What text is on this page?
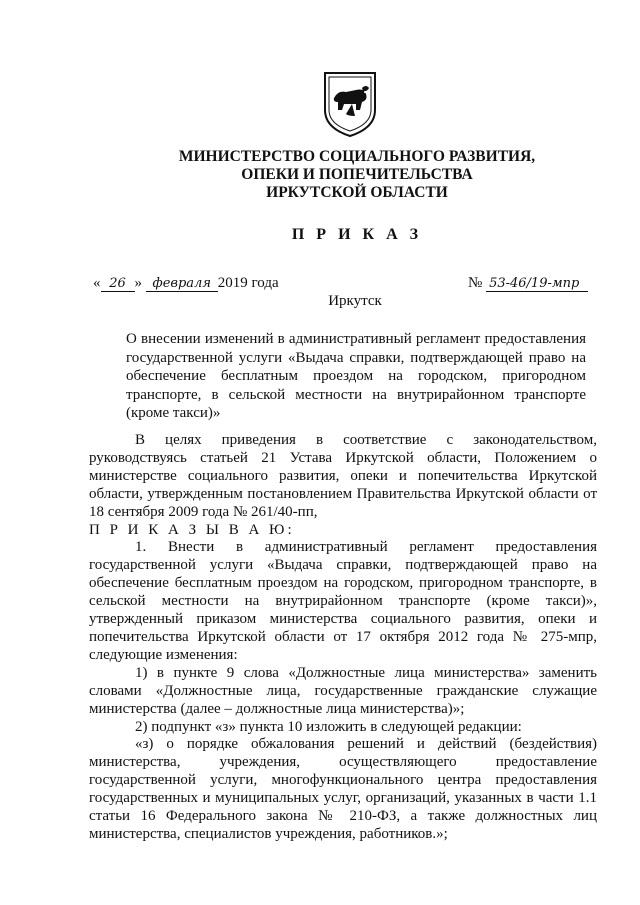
МИНИСТЕРСТВО СОЦИАЛЬНОГО РАЗВИТИЯ,
ОПЕКИ И ПОПЕЧИТЕЛЬСТВА
ИРКУТСКОЙ ОБЛАСТИ
П Р И К А З
« 26 » февраля 2019 года	№ 53-46/19-мпр
Иркутск
О внесении изменений в административный регламент предоставления государственной услуги «Выдача справки, подтверждающей право на обеспечение бесплатным проездом на городском, пригородном транспорте, в сельской местности на внутрирайонном транспорте (кроме такси)»

В целях приведения в соответствие с законодательством, руководствуясь статьей 21 Устава Иркутской области, Положением о министерстве социального развития, опеки и попечительства Иркутской области, утвержденным постановлением Правительства Иркутской области от 18 сентября 2009 года № 261/40-пп,

П Р И К А З Ы В А Ю:

1. Внести в административный регламент предоставления государственной услуги «Выдача справки, подтверждающей право на обеспечение бесплатным проездом на городском, пригородном транспорте, в сельской местности на внутрирайонном транспорте (кроме такси)», утвержденный приказом министерства социального развития, опеки и попечительства Иркутской области от 17 октября 2012 года № 275-мпр, следующие изменения:

1) в пункте 9 слова «Должностные лица министерства» заменить словами «Должностные лица, государственные гражданские служащие министерства (далее – должностные лица министерства)»;

2) подпункт «з» пункта 10 изложить в следующей редакции:

«з) о порядке обжалования решений и действий (бездействия) министерства, учреждения, осуществляющего предоставление государственной услуги, многофункционального центра предоставления государственных и муниципальных услуг, организаций, указанных в части 1.1 статьи 16 Федерального закона № 210-ФЗ, а также должностных лиц министерства, специалистов учреждения, работников.»;
